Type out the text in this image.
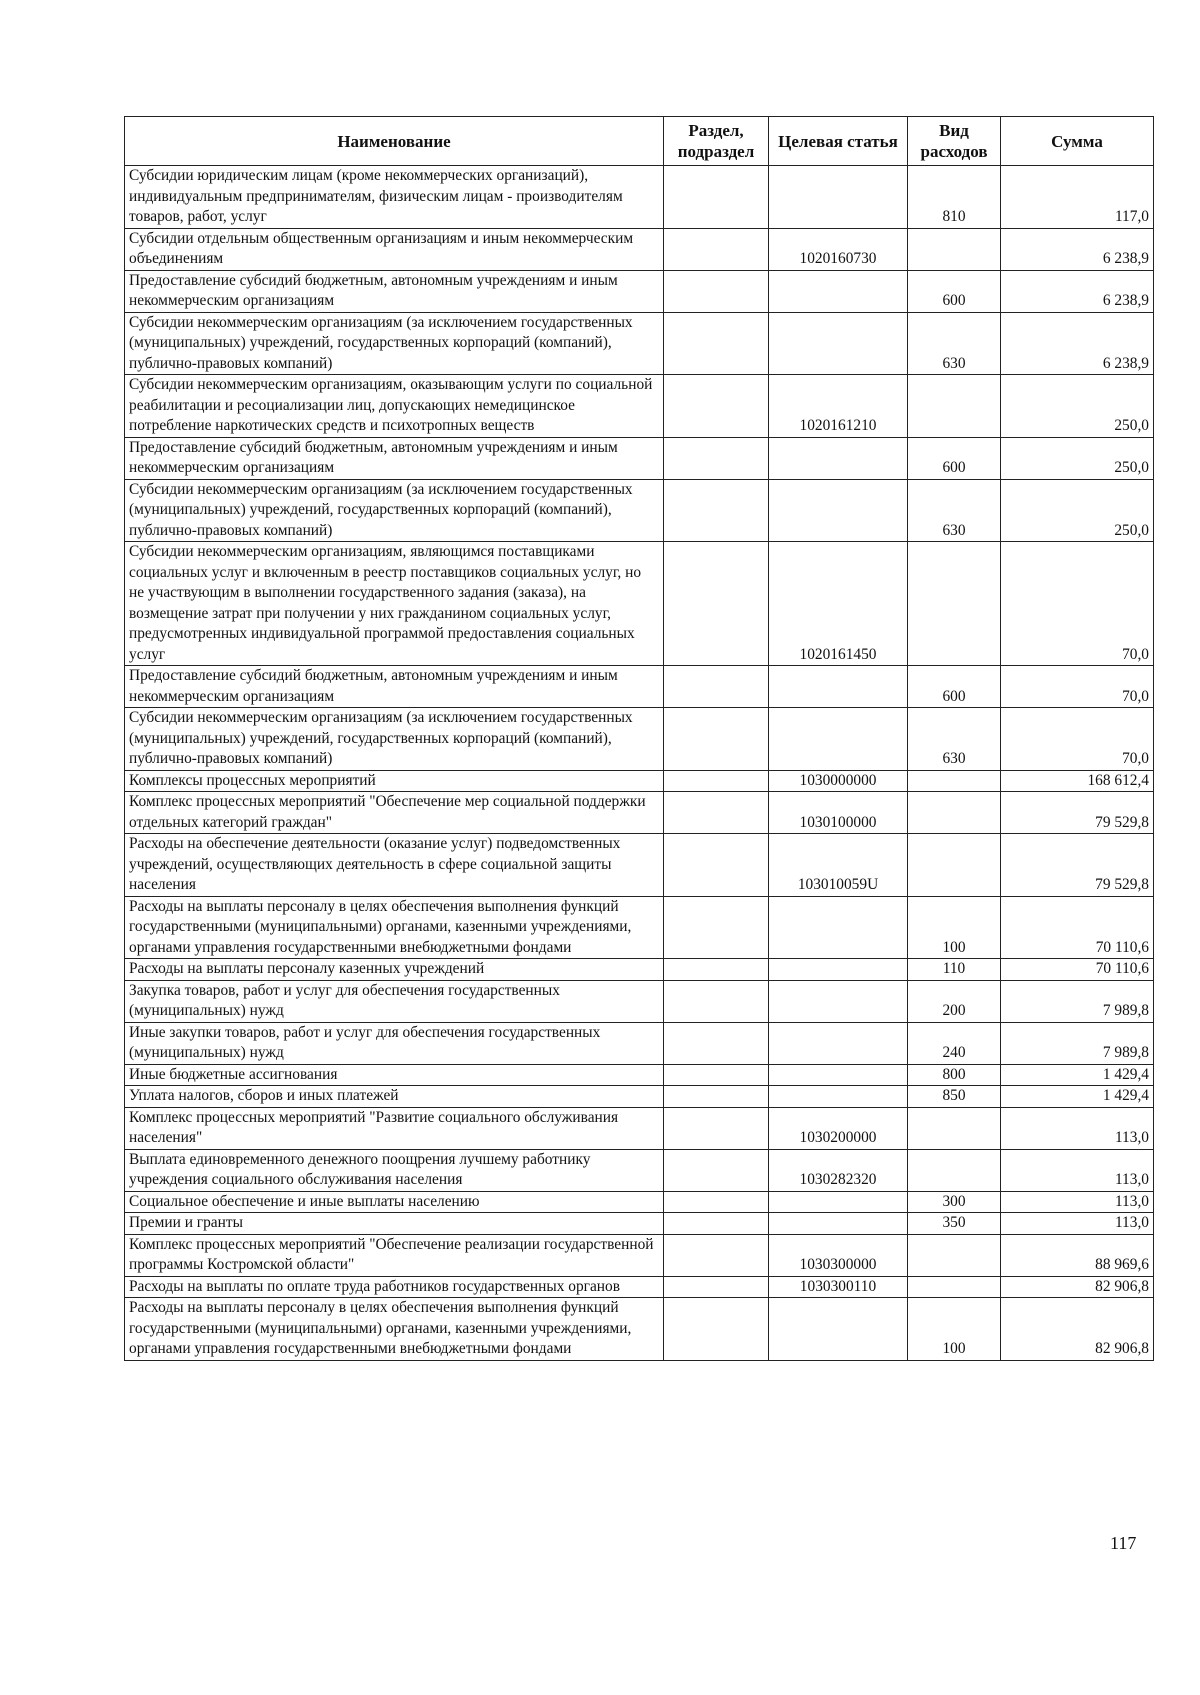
Наименование	Раздел, подраздел	Целевая статья	Вид расходов	Сумма
Субсидии юридическим лицам (кроме некоммерческих организаций), индивидуальным предпринимателям, физическим лицам - производителям товаров, работ, услуг			810	117,0
Субсидии отдельным общественным организациям и иным некоммерческим объединениям		1020160730		6 238,9
Предоставление субсидий бюджетным, автономным учреждениям и иным некоммерческим организациям			600	6 238,9
Субсидии некоммерческим организациям (за исключением государственных (муниципальных) учреждений, государственных корпораций (компаний), публично-правовых компаний)			630	6 238,9
Субсидии некоммерческим организациям, оказывающим услуги по социальной реабилитации и ресоциализации лиц, допускающих немедицинское потребление наркотических средств и психотропных веществ		1020161210		250,0
Предоставление субсидий бюджетным, автономным учреждениям и иным некоммерческим организациям			600	250,0
Субсидии некоммерческим организациям (за исключением государственных (муниципальных) учреждений, государственных корпораций (компаний), публично-правовых компаний)			630	250,0
Субсидии некоммерческим организациям, являющимся поставщиками социальных услуг и включенным в реестр поставщиков социальных услуг, но не участвующим в выполнении государственного задания (заказа), на возмещение затрат при получении у них гражданином социальных услуг, предусмотренных индивидуальной программой предоставления социальных услуг		1020161450		70,0
Предоставление субсидий бюджетным, автономным учреждениям и иным некоммерческим организациям			600	70,0
Субсидии некоммерческим организациям (за исключением государственных (муниципальных) учреждений, государственных корпораций (компаний), публично-правовых компаний)			630	70,0
Комплексы процессных мероприятий		1030000000		168 612,4
Комплекс процессных мероприятий "Обеспечение мер социальной поддержки отдельных категорий граждан"		1030100000		79 529,8
Расходы на обеспечение деятельности (оказание услуг) подведомственных учреждений, осуществляющих деятельность в сфере социальной защиты населения		103010059U		79 529,8
Расходы на выплаты персоналу в целях обеспечения выполнения функций государственными (муниципальными) органами, казенными учреждениями, органами управления государственными внебюджетными фондами			100	70 110,6
Расходы на выплаты персоналу казенных учреждений			110	70 110,6
Закупка товаров, работ и услуг для обеспечения государственных (муниципальных) нужд			200	7 989,8
Иные закупки товаров, работ и услуг для обеспечения государственных (муниципальных) нужд			240	7 989,8
Иные бюджетные ассигнования			800	1 429,4
Уплата налогов, сборов и иных платежей			850	1 429,4
Комплекс процессных мероприятий "Развитие социального обслуживания населения"		1030200000		113,0
Выплата единовременного денежного поощрения лучшему работнику учреждения социального обслуживания населения		1030282320		113,0
Социальное обеспечение и иные выплаты населению			300	113,0
Премии и гранты			350	113,0
Комплекс процессных мероприятий "Обеспечение реализации государственной программы Костромской области"		1030300000		88 969,6
Расходы на выплаты по оплате труда работников государственных органов		1030300110		82 906,8
Расходы на выплаты персоналу в целях обеспечения выполнения функций государственными (муниципальными) органами, казенными учреждениями, органами управления государственными внебюджетными фондами			100	82 906,8
117
